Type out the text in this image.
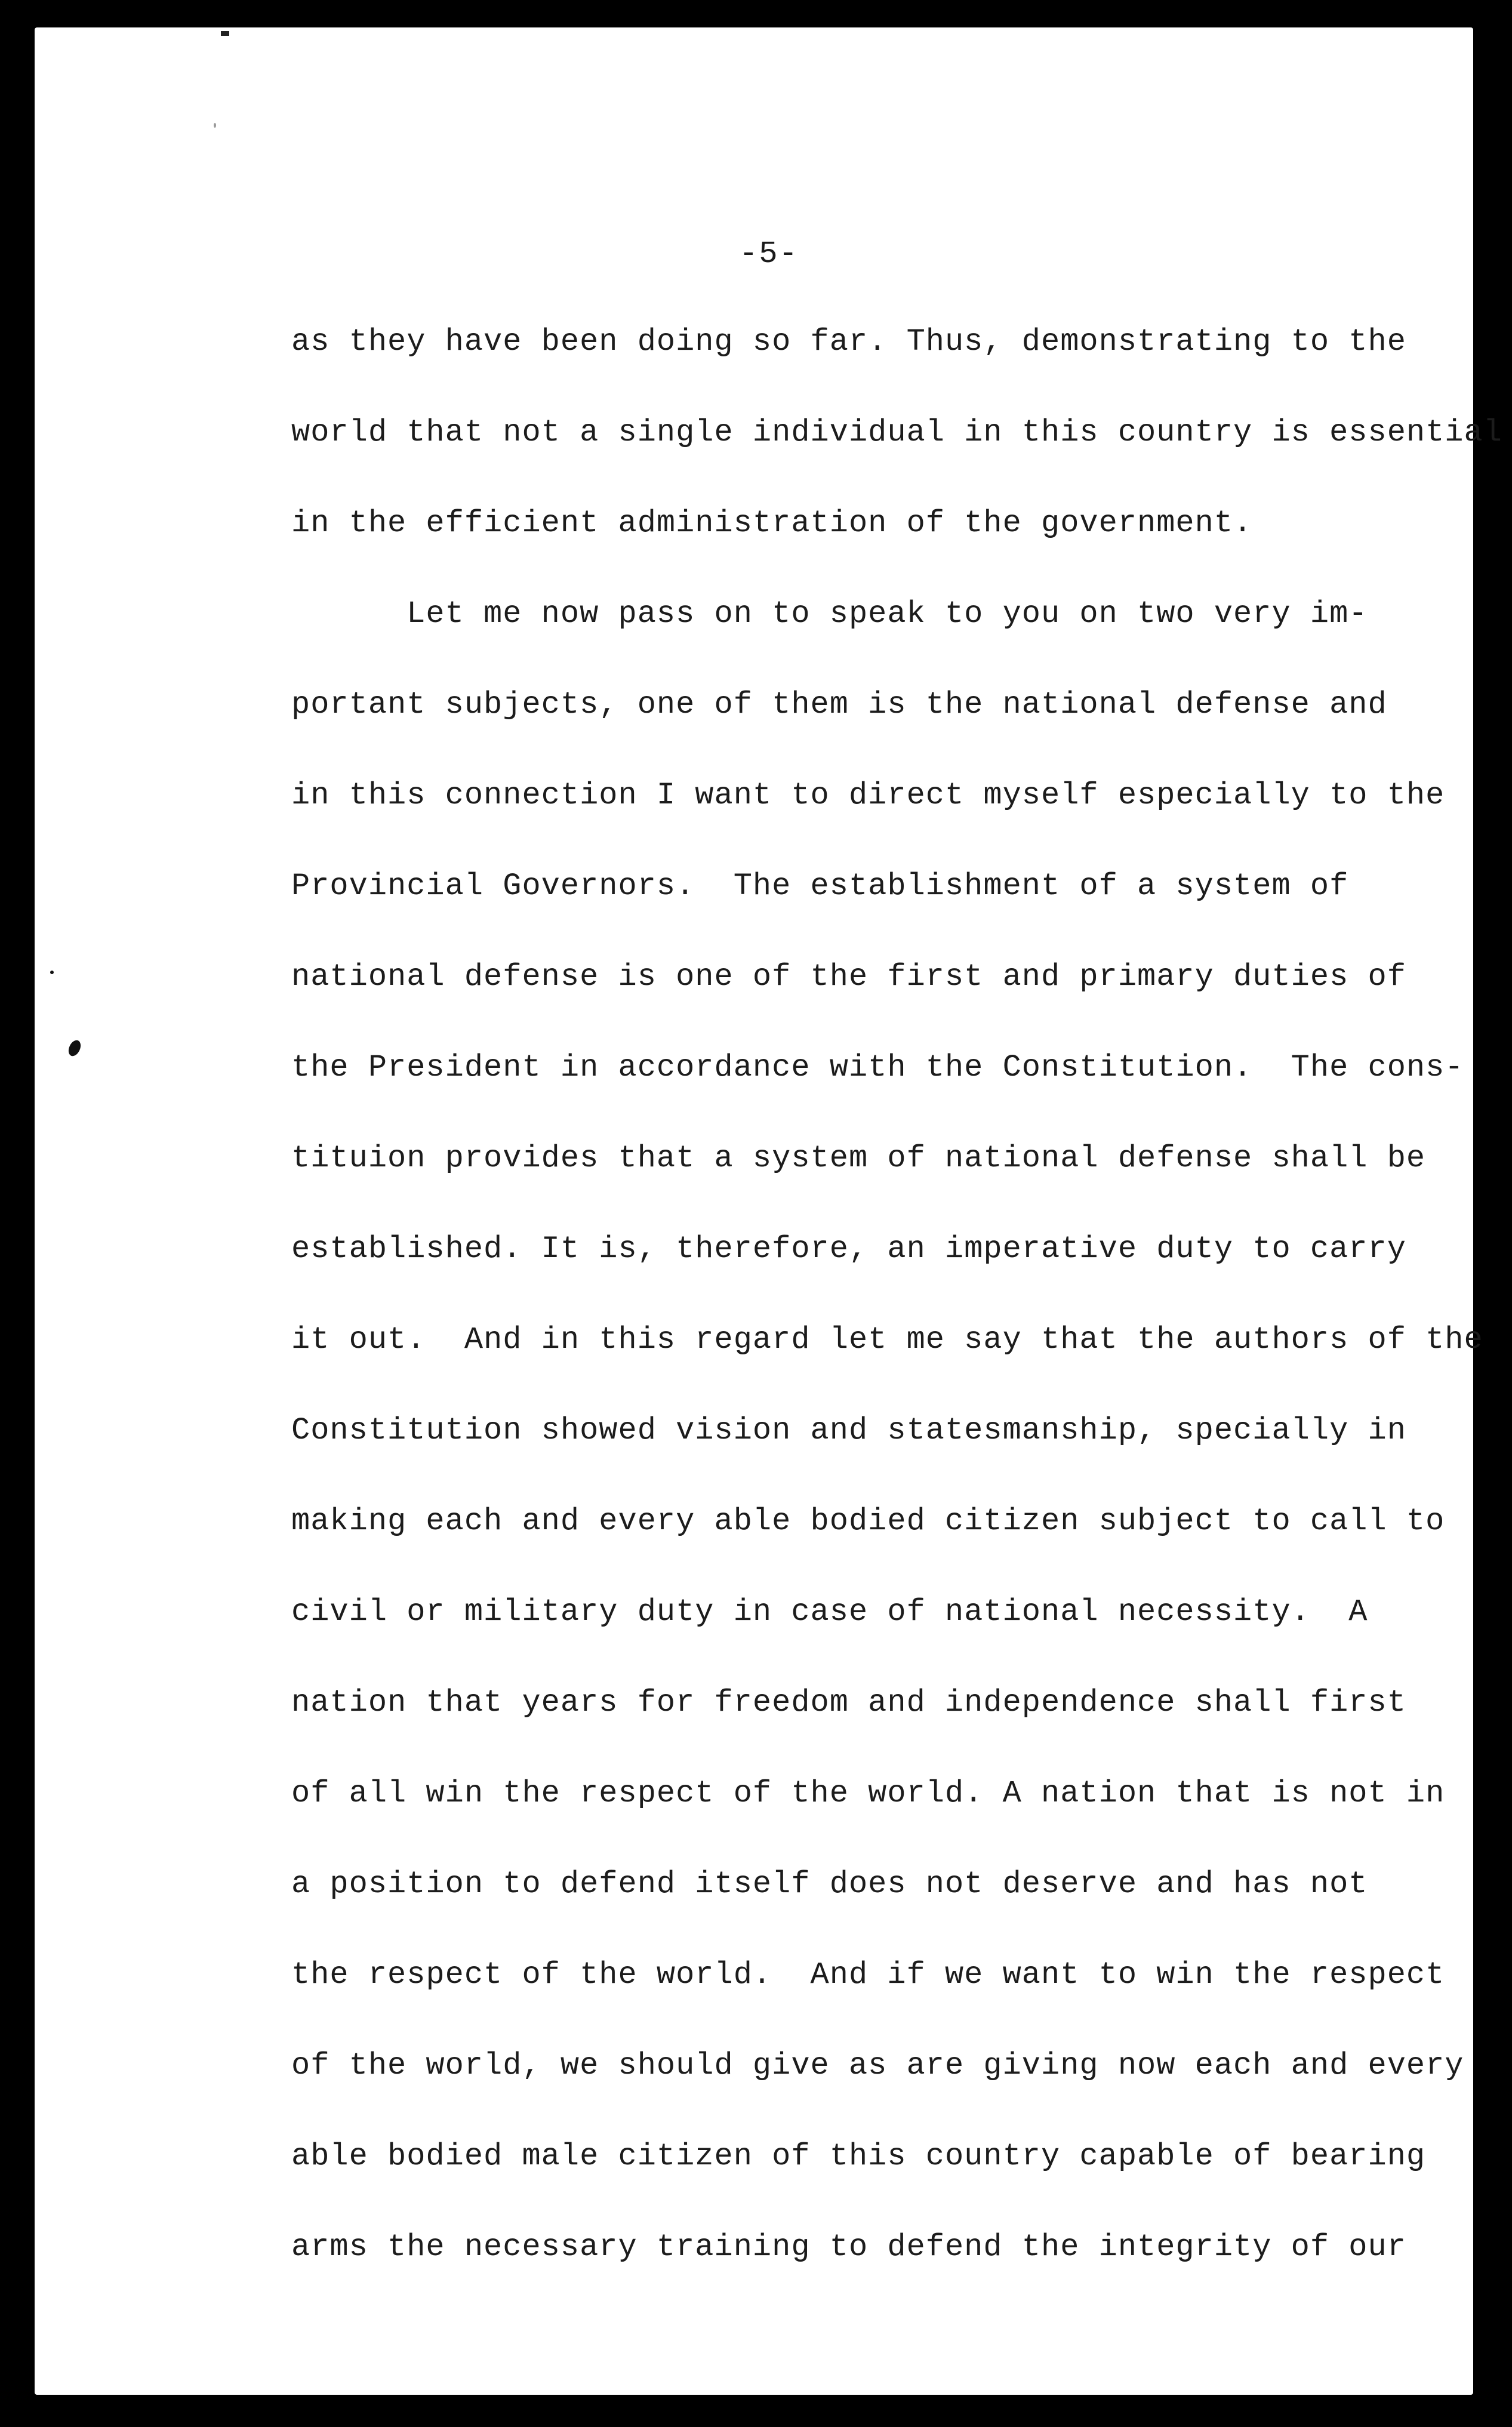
-5-
as they have been doing so far. Thus, demonstrating to the
world that not a single individual in this country is essential
in the efficient administration of the government.
Let me now pass on to speak to you on two very im-
portant subjects, one of them is the national defense and
in this connection I want to direct myself especially to the
Provincial Governors.  The establishment of a system of
national defense is one of the first and primary duties of
the President in accordance with the Constitution.  The cons-
tituion provides that a system of national defense shall be
established. It is, therefore, an imperative duty to carry
it out.  And in this regard let me say that the authors of the
Constitution showed vision and statesmanship, specially in
making each and every able bodied citizen subject to call to
civil or military duty in case of national necessity.  A
nation that years for freedom and independence shall first
of all win the respect of the world. A nation that is not in
a position to defend itself does not deserve and has not
the respect of the world.  And if we want to win the respect
of the world, we should give as are giving now each and every
able bodied male citizen of this country capable of bearing
arms the necessary training to defend the integrity of our
